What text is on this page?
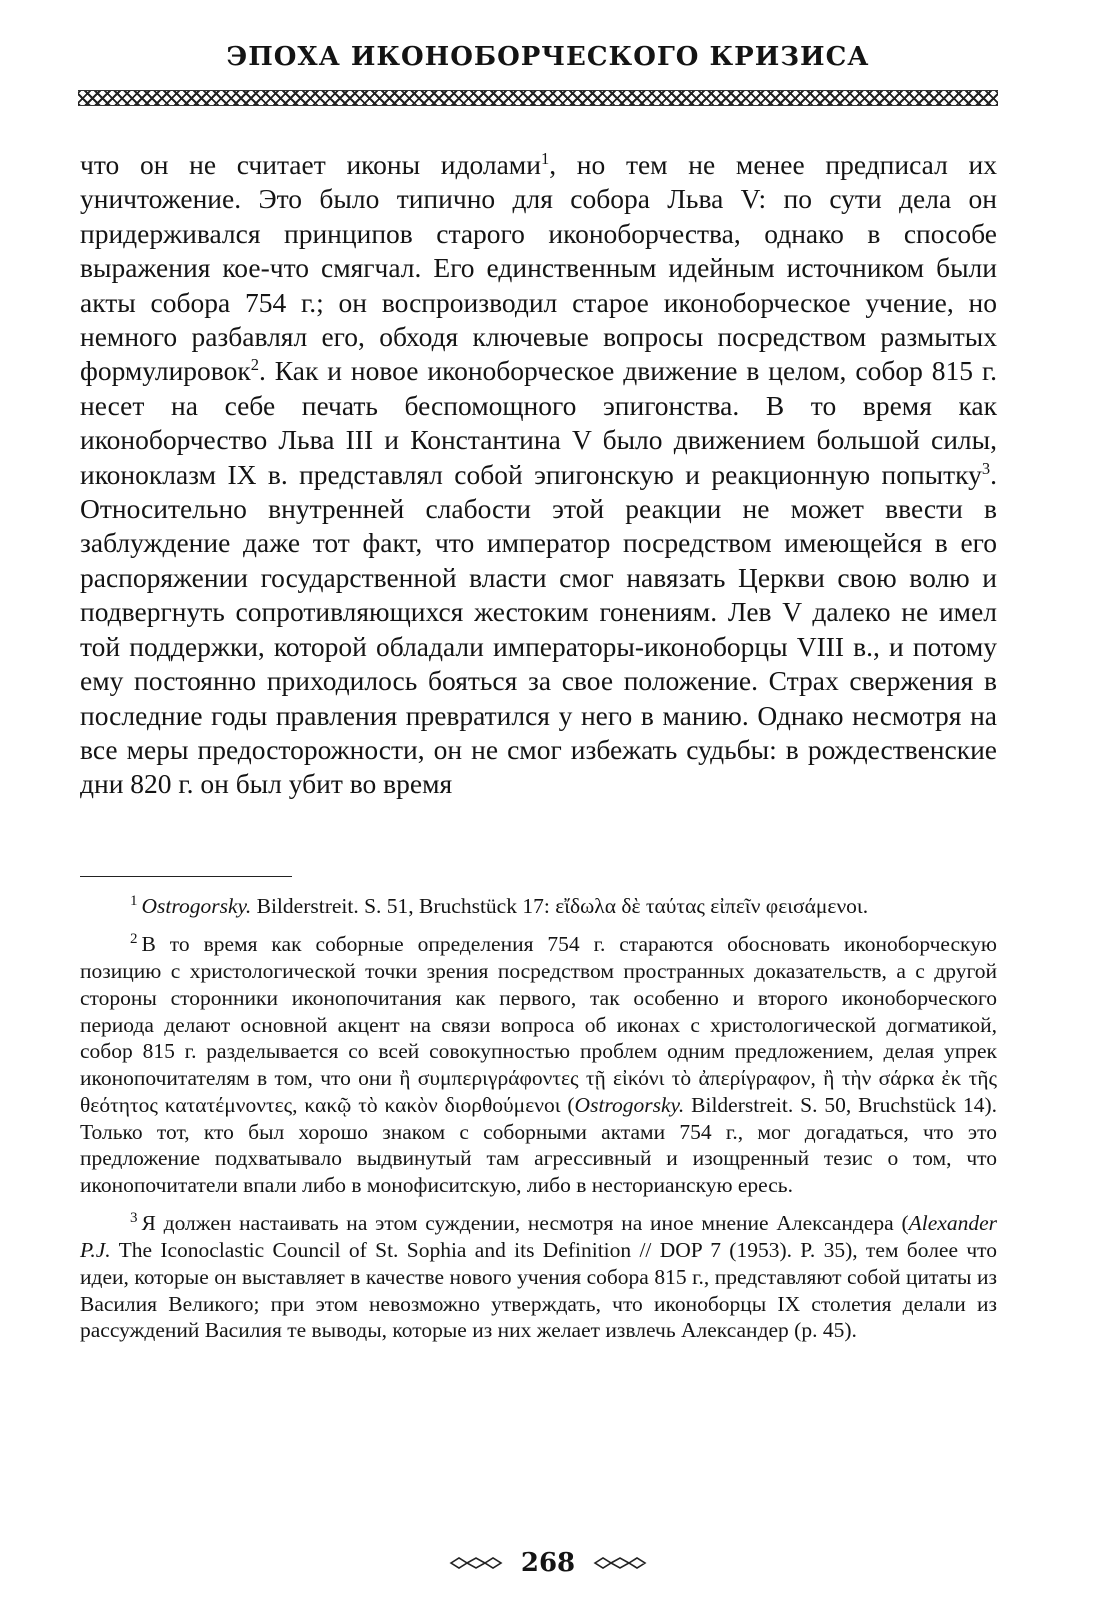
ЭПОХА ИКОНОБОРЧЕСКОГО КРИЗИСА

что он не считает иконы идолами$^1$, но тем не менее предписал их уничтожение. Это было типично для собора Льва V: по сути дела он придерживался принципов старого иконоборчества, однако в способе выражения кое-что смягчал. Его единственным идейным источником были акты собора 754 г.; он воспроизводил старое иконоборческое учение, но немного разбавлял его, обходя ключевые вопросы посредством размытых формулировок$^2$. Как и новое иконоборческое движение в целом, собор 815 г. несет на себе печать беспомощного эпигонства. В то время как иконоборчество Льва III и Константина V было движением большой силы, иконоклазм IX в. представлял собой эпигонскую и реакционную попытку$^3$. Относительно внутренней слабости этой реакции не может ввести в заблуждение даже тот факт, что император посредством имеющейся в его распоряжении государственной власти смог навязать Церкви свою волю и подвергнуть сопротивляющихся жестоким гонениям. Лев V далеко не имел той поддержки, которой обладали императоры-иконоборцы VIII в., и потому ему постоянно приходилось бояться за свое положение. Страх свержения в последние годы правления превратился у него в манию. Однако несмотря на все меры предосторожности, он не смог избежать судьбы: в рождественские дни 820 г. он был убит во время

$^1$ Ostrogorsky. Bilderstreit. S. 51, Bruchstück 17: εἴδωλα δὲ ταύτας εἰπεῖν φεισάμενοι.

$^2$ В то время как соборные определения 754 г. стараются обосновать иконоборческую позицию с христологической точки зрения посредством пространных доказательств, а с другой стороны сторонники иконопочитания как первого, так особенно и второго иконоборческого периода делают основной акцент на связи вопроса об иконах с христологической догматикой, собор 815 г. разделывается со всей совокупностью проблем одним предложением, делая упрек иконопочитателям в том, что они ἢ συμπεριγράφοντες τῇ εἰκόνι τὸ ἀπερίγραφον, ἢ τὴν σάρκα ἐκ τῆς θεότητος κατατέμνοντες, κακῷ τὸ κακὸν διορθούμενοι (Ostrogorsky. Bilderstreit. S. 50, Bruchstück 14). Только тот, кто был хорошо знаком с соборными актами 754 г., мог догадаться, что это предложение подхватывало выдвинутый там агрессивный и изощренный тезис о том, что иконопочитатели впали либо в монофиситскую, либо в несторианскую ересь.

$^3$ Я должен настаивать на этом суждении, несмотря на иное мнение Александера (Alexander P.J. The Iconoclastic Council of St. Sophia and its Definition // DOP 7 (1953). P. 35), тем более что идеи, которые он выставляет в качестве нового учения собора 815 г., представляют собой цитаты из Василия Великого; при этом невозможно утверждать, что иконоборцы IX столетия делали из рассуждений Василия те выводы, которые из них желает извлечь Александер (р. 45).

268
